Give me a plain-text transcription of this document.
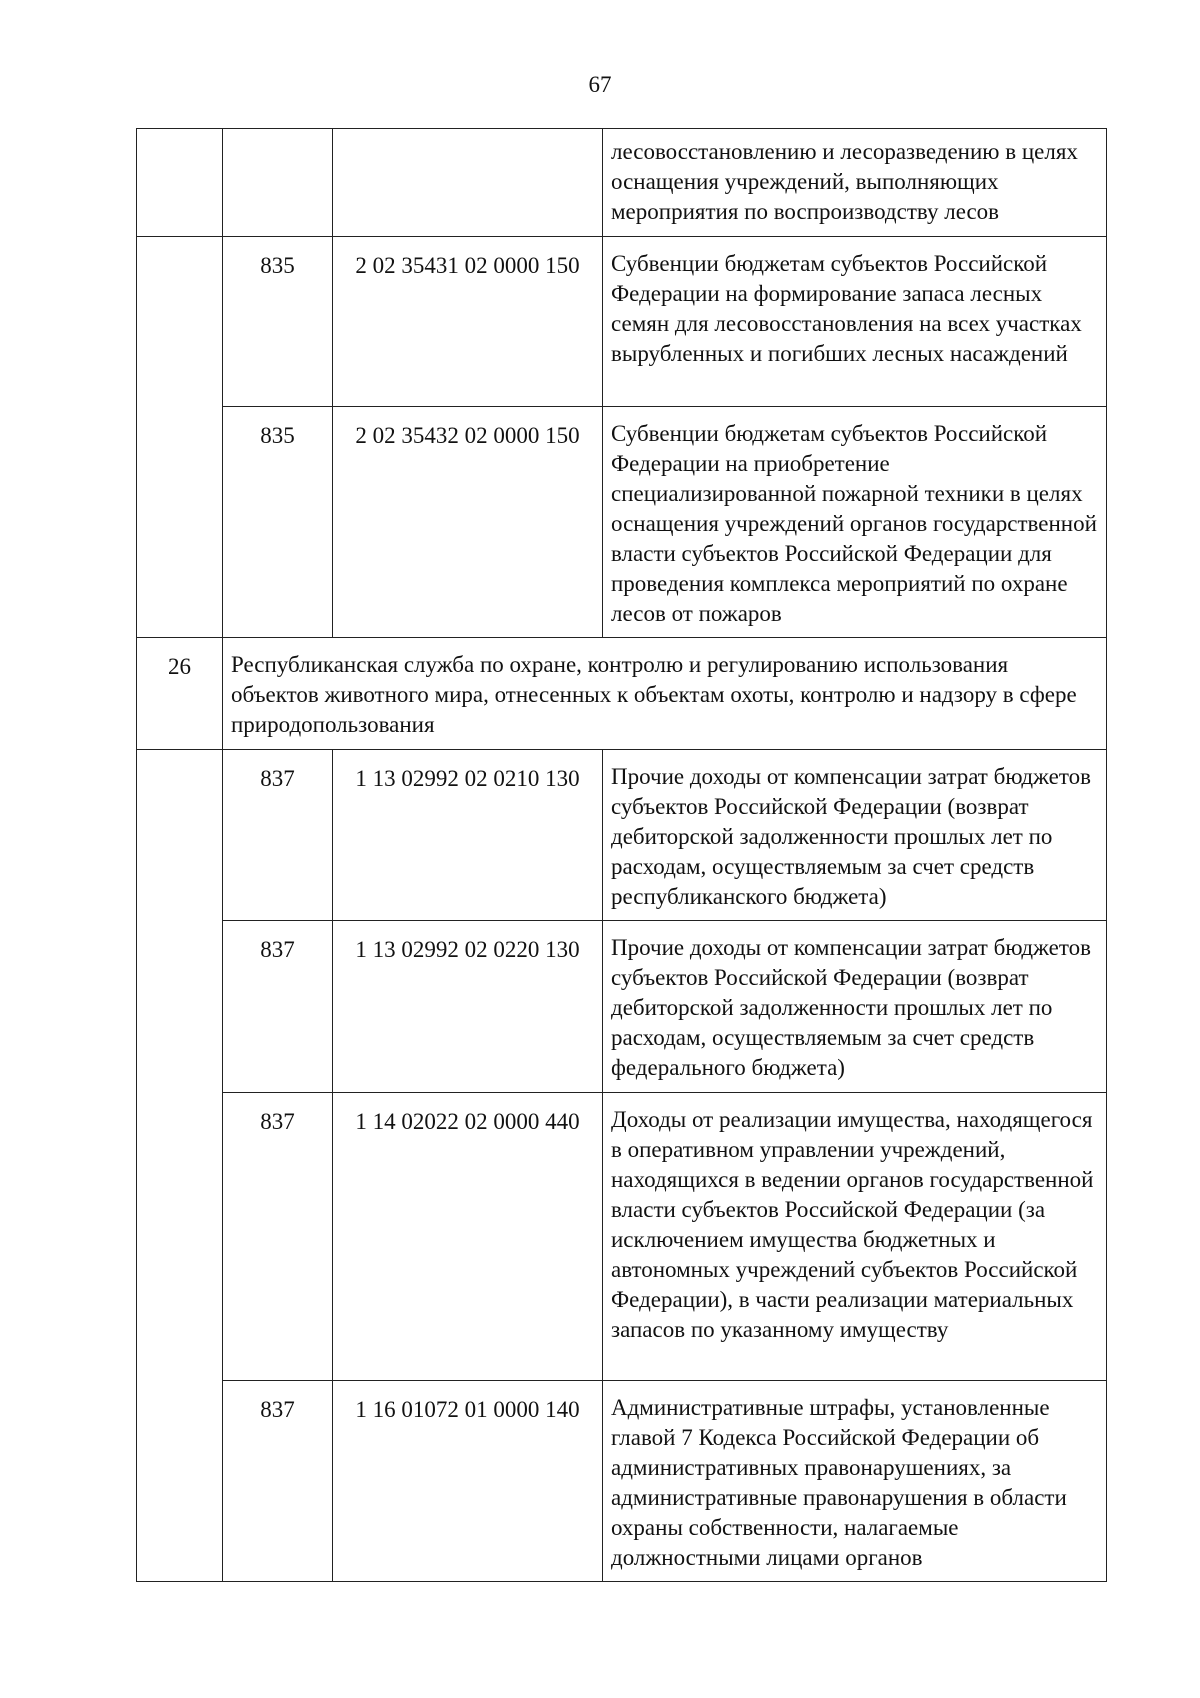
67
			лесовосстановлению и лесоразведению в целях оснащения учреждений, выполняющих мероприятия по воспроизводству лесов
	835	2 02 35431 02 0000 150	Субвенции бюджетам субъектов Российской Федерации на формирование запаса лесных семян для лесовосстановления на всех участках вырубленных и погибших лесных насаждений
	835	2 02 35432 02 0000 150	Субвенции бюджетам субъектов Российской Федерации на приобретение специализированной пожарной техники в целях оснащения учреждений органов государственной власти субъектов Российской Федерации для проведения комплекса мероприятий по охране лесов от пожаров
26	Республиканская служба по охране, контролю и регулированию использования объектов животного мира, отнесенных к объектам охоты, контролю и надзору в сфере природопользования		
	837	1 13 02992 02 0210 130	Прочие доходы от компенсации затрат бюджетов субъектов Российской Федерации (возврат дебиторской задолженности прошлых лет по расходам, осуществляемым за счет средств республиканского бюджета)
	837	1 13 02992 02 0220 130	Прочие доходы от компенсации затрат бюджетов субъектов Российской Федерации (возврат дебиторской задолженности прошлых лет по расходам, осуществляемым за счет средств федерального бюджета)
	837	1 14 02022 02 0000 440	Доходы от реализации имущества, находящегося в оперативном управлении учреждений, находящихся в ведении органов государственной власти субъектов Российской Федерации (за исключением имущества бюджетных и автономных учреждений субъектов Российской Федерации), в части реализации материальных запасов по указанному имуществу
	837	1 16 01072 01 0000 140	Административные штрафы, установленные главой 7 Кодекса Российской Федерации об административных правонарушениях, за административные правонарушения в области охраны собственности, налагаемые должностными лицами органов
